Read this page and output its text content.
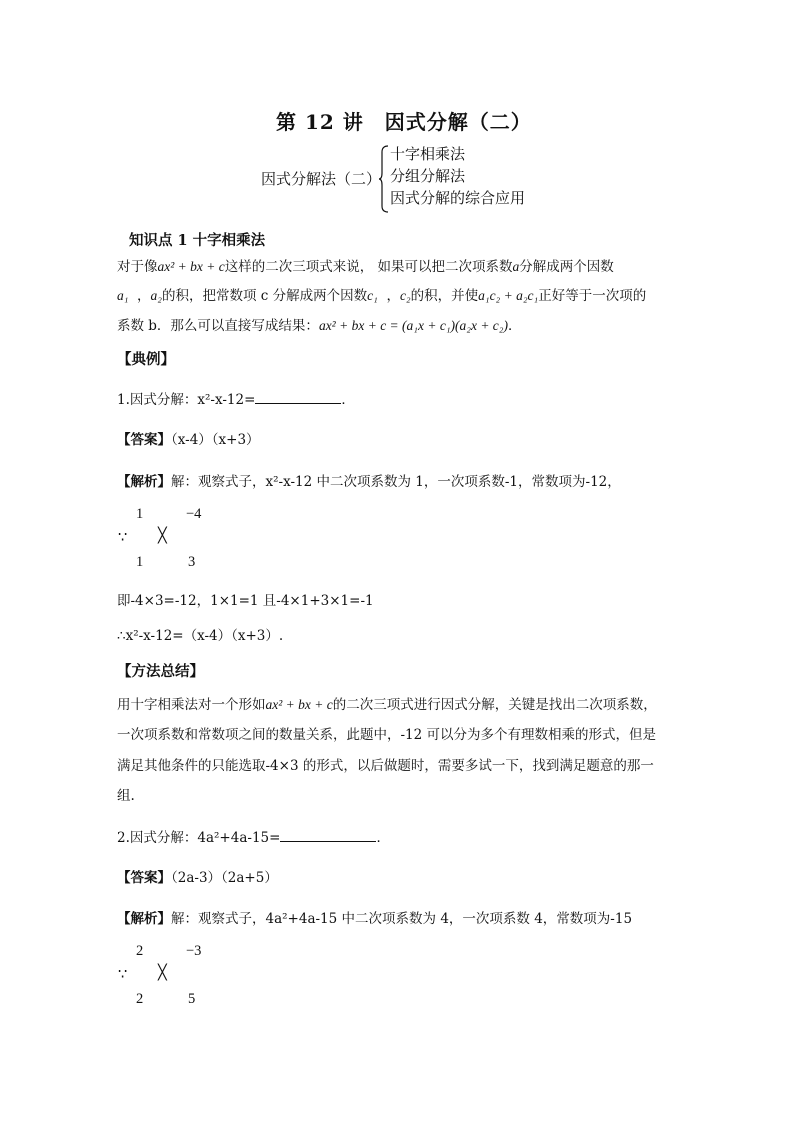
第 12 讲　因式分解（二）
因式分解法（二）
十字相乘法
分组分解法
因式分解的综合应用
知识点 1 十字相乘法
对于像ax² + bx + c这样的二次三项式来说， 如果可以把二次项系数a分解成两个因数
a₁ ，a₂的积，把常数项 c 分解成两个因数c₁ ，c₂的积，并使a₁c₂ + a₂c₁正好等于一次项的
系数 b．那么可以直接写成结果：ax² + bx + c = (a₁x + c₁)(a₂x + c₂)．
【典例】
1.因式分解：x²-x-12=	．
【答案】（x-4）（x+3）
【解析】解：观察式子，x²-x-12 中二次项系数为 1，一次项系数-1，常数项为-12，
1	−4
∵ ╳
1	3
即-4×3=-12，1×1=1 且-4×1+3×1=-1
∴x²-x-12=（x-4）（x+3）.
【方法总结】
用十字相乘法对一个形如ax² + bx + c的二次三项式进行因式分解，关键是找出二次项系数，
一次项系数和常数项之间的数量关系，此题中，-12 可以分为多个有理数相乘的形式，但是
满足其他条件的只能选取-4×3 的形式，以后做题时，需要多试一下，找到满足题意的那一
组.
2.因式分解：4a²+4a-15=	．
【答案】（2a-3）（2a+5）
【解析】解：观察式子，4a²+4a-15 中二次项系数为 4，一次项系数 4，常数项为-15
2	−3
∵ ╳
2	5
